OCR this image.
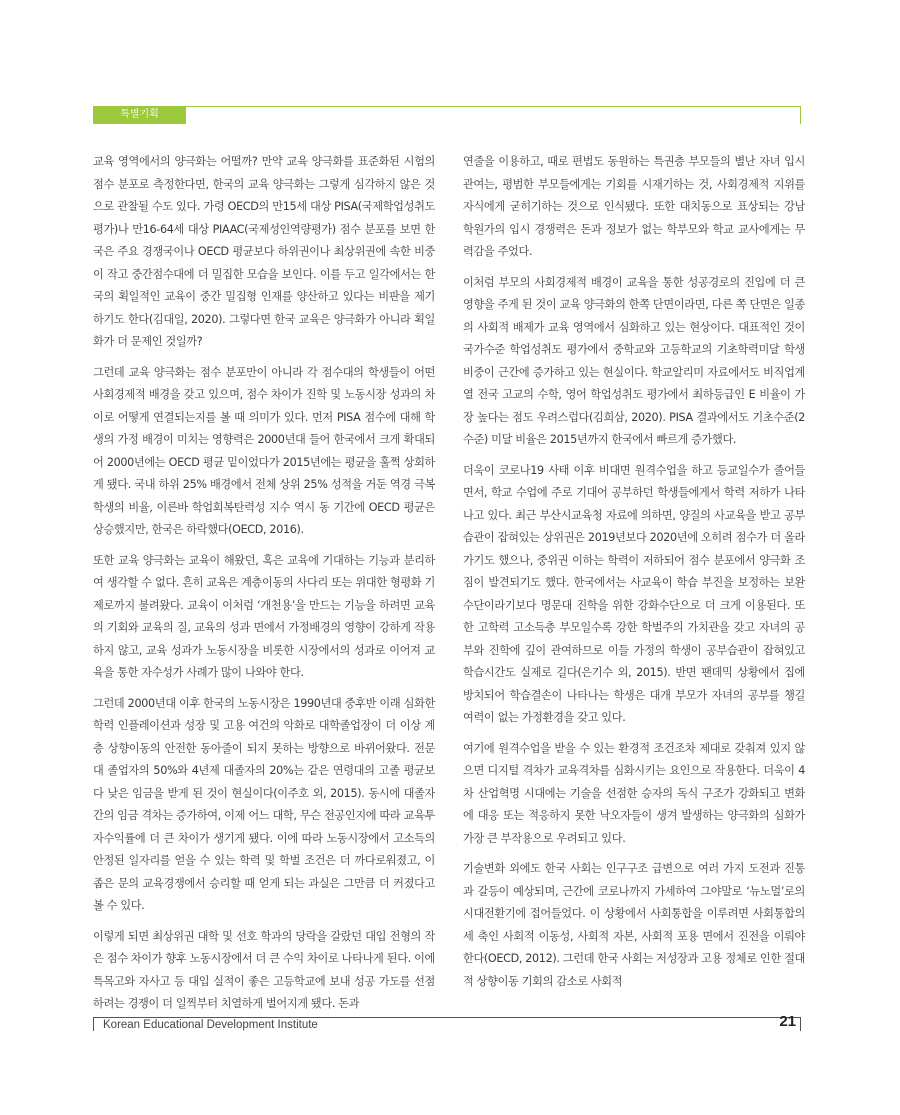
특별기획

교육 영역에서의 양극화는 어떨까? 만약 교육 양극화를 표준화된 시험의 점수 분포로 측정한다면, 한국의 교육 양극화는 그렇게 심각하지 않은 것으로 관찰될 수도 있다. 가령 OECD의 만15세 대상 PISA(국제학업성취도평가)나 만16-64세 대상 PIAAC(국제성인역량평가) 점수 분포를 보면 한국은 주요 경쟁국이나 OECD 평균보다 하위권이나 최상위권에 속한 비중이 작고 중간점수대에 더 밀집한 모습을 보인다. 이를 두고 일각에서는 한국의 획일적인 교육이 중간 밀집형 인재를 양산하고 있다는 비판을 제기하기도 한다(김대일, 2020). 그렇다면 한국 교육은 양극화가 아니라 획일화가 더 문제인 것일까?

그런데 교육 양극화는 점수 분포만이 아니라 각 점수대의 학생들이 어떤 사회경제적 배경을 갖고 있으며, 점수 차이가 진학 및 노동시장 성과의 차이로 어떻게 연결되는지를 볼 때 의미가 있다. 먼저 PISA 점수에 대해 학생의 가정 배경이 미치는 영향력은 2000년대 들어 한국에서 크게 확대되어 2000년에는 OECD 평균 밑이었다가 2015년에는 평균을 훌쩍 상회하게 됐다. 국내 하위 25% 배경에서 전체 상위 25% 성적을 거둔 역경 극복 학생의 비율, 이른바 학업회복탄력성 지수 역시 동 기간에 OECD 평균은 상승했지만, 한국은 하락했다(OECD, 2016).

또한 교육 양극화는 교육이 해왔던, 혹은 교육에 기대하는 기능과 분리하여 생각할 수 없다. 흔히 교육은 계층이동의 사다리 또는 위대한 형평화 기제로까지 불려왔다. 교육이 이처럼 ‘개천용’을 만드는 기능을 하려면 교육의 기회와 교육의 질, 교육의 성과 면에서 가정배경의 영향이 강하게 작용하지 않고, 교육 성과가 노동시장을 비롯한 시장에서의 성과로 이어져 교육을 통한 자수성가 사례가 많이 나와야 한다.

그런데 2000년대 이후 한국의 노동시장은 1990년대 중후반 이래 심화한 학력 인플레이션과 성장 및 고용 여건의 악화로 대학졸업장이 더 이상 계층 상향이동의 안전한 동아줄이 되지 못하는 방향으로 바뀌어왔다. 전문대 졸업자의 50%와 4년제 대졸자의 20%는 같은 연령대의 고졸 평균보다 낮은 임금을 받게 된 것이 현실이다(이주호 외, 2015). 동시에 대졸자 간의 임금 격차는 증가하여, 이제 어느 대학, 무슨 전공인지에 따라 교육투자수익률에 더 큰 차이가 생기게 됐다. 이에 따라 노동시장에서 고소득의 안정된 일자리를 얻을 수 있는 학력 및 학벌 조건은 더 까다로워졌고, 이 좁은 문의 교육경쟁에서 승리할 때 얻게 되는 과실은 그만큼 더 커졌다고 볼 수 있다.

이렇게 되면 최상위권 대학 및 선호 학과의 당락을 갈랐던 대입 전형의 작은 점수 차이가 향후 노동시장에서 더 큰 수익 차이로 나타나게 된다. 이에 특목고와 자사고 등 대입 실적이 좋은 고등학교에 보내 성공 가도를 선점하려는 경쟁이 더 일찍부터 치열하게 벌어지게 됐다. 돈과

연줄을 이용하고, 때로 편법도 동원하는 특권층 부모들의 별난 자녀 입시 관여는, 평범한 부모들에게는 기회를 시재기하는 것, 사회경제적 지위를 자식에게 굳히기하는 것으로 인식됐다. 또한 대치동으로 표상되는 강남 학원가의 입시 경쟁력은 돈과 정보가 없는 학부모와 학교 교사에게는 무력감을 주었다.

이처럼 부모의 사회경제적 배경이 교육을 통한 성공경로의 진입에 더 큰 영향을 주게 된 것이 교육 양극화의 한쪽 단면이라면, 다른 쪽 단면은 일종의 사회적 배제가 교육 영역에서 심화하고 있는 현상이다. 대표적인 것이 국가수준 학업성취도 평가에서 중학교와 고등학교의 기초학력미달 학생 비중이 근간에 증가하고 있는 현실이다. 학교알리미 자료에서도 비직업계열 전국 고교의 수학, 영어 학업성취도 평가에서 최하등급인 E 비율이 가장 높다는 점도 우려스럽다(김희삼, 2020). PISA 결과에서도 기초수준(2수준) 미달 비율은 2015년까지 한국에서 빠르게 증가했다.

더욱이 코로나19 사태 이후 비대면 원격수업을 하고 등교일수가 줄어들면서, 학교 수업에 주로 기대어 공부하던 학생들에게서 학력 저하가 나타나고 있다. 최근 부산시교육청 자료에 의하면, 양질의 사교육을 받고 공부습관이 잡혀있는 상위권은 2019년보다 2020년에 오히려 점수가 더 올라가기도 했으나, 중위권 이하는 학력이 저하되어 점수 분포에서 양극화 조짐이 발견되기도 했다. 한국에서는 사교육이 학습 부진을 보정하는 보완수단이라기보다 명문대 진학을 위한 강화수단으로 더 크게 이용된다. 또한 고학력 고소득층 부모일수록 강한 학벌주의 가치관을 갖고 자녀의 공부와 진학에 깊이 관여하므로 이들 가정의 학생이 공부습관이 잡혀있고 학습시간도 실제로 길다(은기수 외, 2015). 반면 팬데믹 상황에서 집에 방치되어 학습결손이 나타나는 학생은 대개 부모가 자녀의 공부를 챙길 여력이 없는 가정환경을 갖고 있다.

여기에 원격수업을 받을 수 있는 환경적 조건조차 제대로 갖춰져 있지 않으면 디지털 격차가 교육격차를 심화시키는 요인으로 작용한다. 더욱이 4차 산업혁명 시대에는 기술을 선점한 승자의 독식 구조가 강화되고 변화에 대응 또는 적응하지 못한 낙오자들이 생겨 발생하는 양극화의 심화가 가장 큰 부작용으로 우려되고 있다.

기술변화 외에도 한국 사회는 인구구조 급변으로 여러 가지 도전과 진통과 갈등이 예상되며, 근간에 코로나까지 가세하여 그야말로 ‘뉴노멀’로의 시대전환기에 접어들었다. 이 상황에서 사회통합을 이루려면 사회통합의 세 축인 사회적 이동성, 사회적 자본, 사회적 포용 면에서 진전을 이뤄야 한다(OECD, 2012). 그런데 한국 사회는 저성장과 고용 정체로 인한 절대적 상향이동 기회의 감소로 사회적

Korean Educational Development Institute	21
